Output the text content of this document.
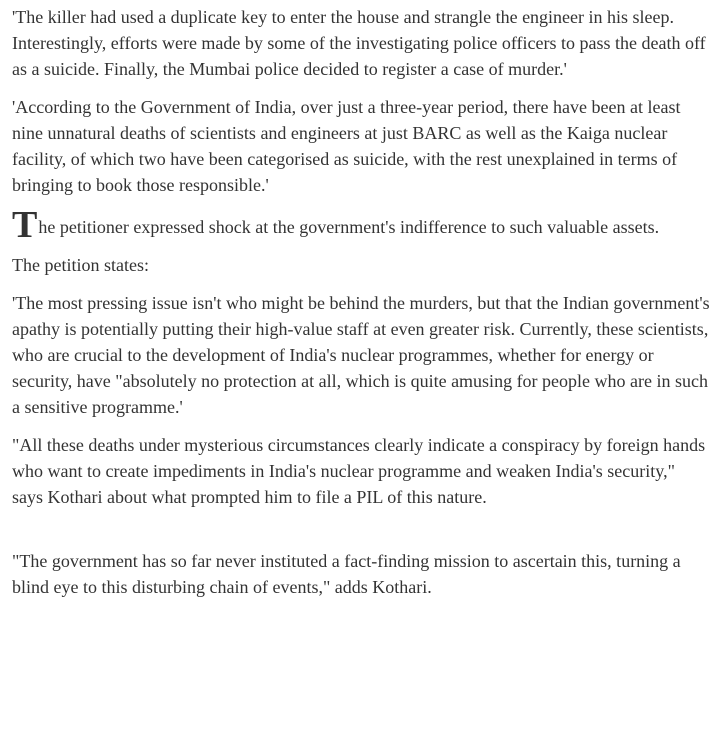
'The killer had used a duplicate key to enter the house and strangle the engineer in his sleep. Interestingly, efforts were made by some of the investigating police officers to pass the death off as a suicide. Finally, the Mumbai police decided to register a case of murder.'

'According to the Government of India, over just a three-year period, there have been at least nine unnatural deaths of scientists and engineers at just BARC as well as the Kaiga nuclear facility, of which two have been categorised as suicide, with the rest unexplained in terms of bringing to book those responsible.'

The petitioner expressed shock at the government's indifference to such valuable assets.

The petition states:

'The most pressing issue isn't who might be behind the murders, but that the Indian government's apathy is potentially putting their high-value staff at even greater risk. Currently, these scientists, who are crucial to the development of India's nuclear programmes, whether for energy or security, have "absolutely no protection at all, which is quite amusing for people who are in such a sensitive programme.'

"All these deaths under mysterious circumstances clearly indicate a conspiracy by foreign hands who want to create impediments in India's nuclear programme and weaken India's security," says Kothari about what prompted him to file a PIL of this nature.

"The government has so far never instituted a fact-finding mission to ascertain this, turning a blind eye to this disturbing chain of events," adds Kothari.
